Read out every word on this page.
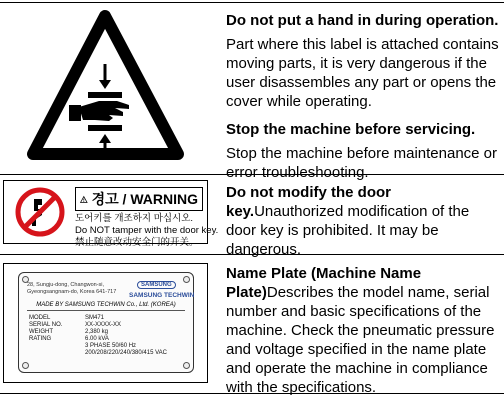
Do not put a hand in during operation.

Part where this label is attached contains moving parts, it is very dangerous if the user disassembles any part or opens the cover while operating.

Stop the machine before servicing.

Stop the machine before maintenance or error troubleshooting.

경고 / WARNING
도어키를 개조하지 마십시오.
Do NOT tamper with the door key.
禁止随意改动安全门的开关。

Do not modify the door key.Unauthorized modification of the door key is prohibited. It may be dangerous.

28, Sungju-dong, Changwon-si,
Gyeongsangnam-do, Korea 641-717
SAMSUNG
SAMSUNG TECHWIN
MADE BY SAMSUNG TECHWIN Co., Ltd. (KOREA)
MODEL	SM471
SERIAL NO.	XX-XXXX-XX
WEIGHT	2,380 kg
RATING	6.00 kVA
3 PHASE 50/60 Hz
200/208/220/240/380/415 VAC

Name Plate (Machine Name Plate)Describes the model name, serial number and basic specifications of the machine. Check the pneumatic pressure and voltage specified in the name plate and operate the machine in compliance with the specifications.
